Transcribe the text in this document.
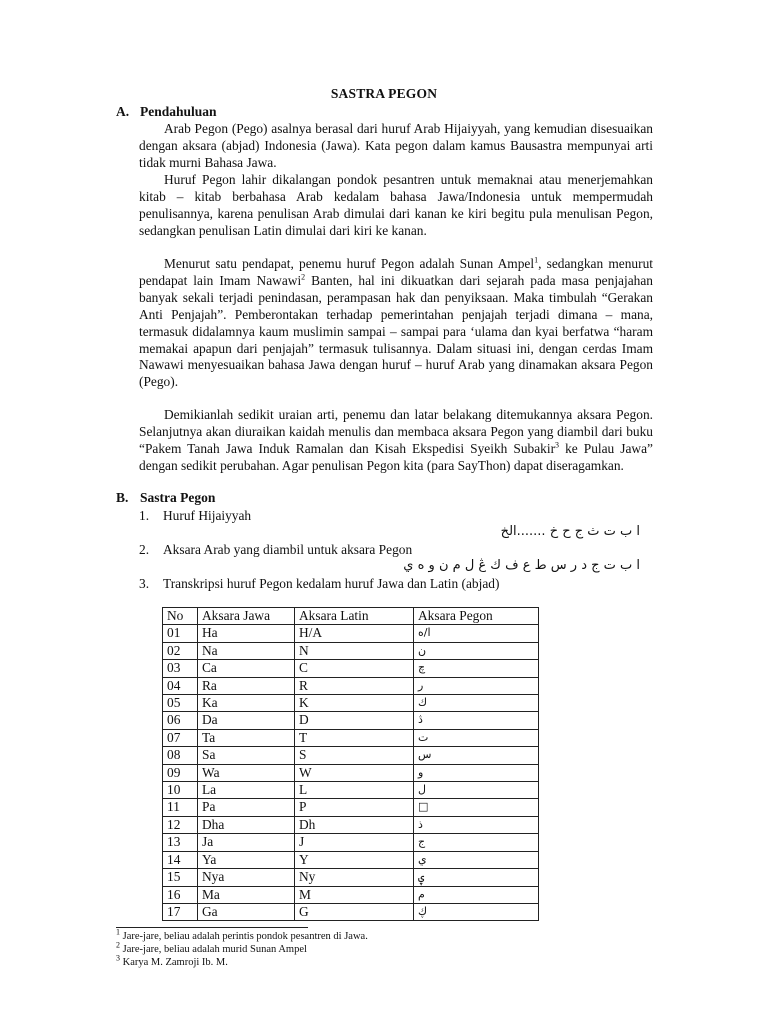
SASTRA PEGON
A. Pendahuluan

Arab Pegon (Pego) asalnya berasal dari huruf Arab Hijaiyyah, yang kemudian disesuaikan dengan aksara (abjad) Indonesia (Jawa). Kata pegon dalam kamus Bausastra mempunyai arti tidak murni Bahasa Jawa.

Huruf Pegon lahir dikalangan pondok pesantren untuk memaknai atau menerjemahkan kitab – kitab berbahasa Arab kedalam bahasa Jawa/Indonesia untuk mempermudah penulisannya, karena penulisan Arab dimulai dari kanan ke kiri begitu pula menulisan Pegon, sedangkan penulisan Latin dimulai dari kiri ke kanan.

Menurut satu pendapat, penemu huruf Pegon adalah Sunan Ampel$^1$, sedangkan menurut pendapat lain Imam Nawawi$^2$ Banten, hal ini dikuatkan dari sejarah pada masa penjajahan banyak sekali terjadi penindasan, perampasan hak dan penyiksaan. Maka timbulah “Gerakan Anti Penjajah”. Pemberontakan terhadap pemerintahan penjajah terjadi dimana – mana, termasuk didalamnya kaum muslimin sampai – sampai para ‘ulama dan kyai berfatwa “haram memakai apapun dari penjajah” termasuk tulisannya. Dalam situasi ini, dengan cerdas Imam Nawawi menyesuaikan bahasa Jawa dengan huruf – huruf Arab yang dinamakan aksara Pegon (Pego).

Demikianlah sedikit uraian arti, penemu dan latar belakang ditemukannya aksara Pegon. Selanjutnya akan diuraikan kaidah menulis dan membaca aksara Pegon yang diambil dari buku “Pakem Tanah Jawa Induk Ramalan dan Kisah Ekspedisi Syeikh Subakir$^3$ ke Pulau Jawa” dengan sedikit perubahan. Agar penulisan Pegon kita (para SayThon) dapat diseragamkan.

B. Sastra Pegon
1. Huruf Hijaiyyah
ا ب ت ث ج ح خ .......الخ
2. Aksara Arab yang diambil untuk aksara Pegon
ا ب ت ج د ر س ط ع ف ك ڠ ل م ن و ه ي
3. Transkripsi huruf Pegon kedalam huruf Jawa dan Latin (abjad)
No	Aksara Jawa	Aksara Latin	Aksara Pegon
01	Ha	H/A	ا/ه
02	Na	N	ن
03	Ca	C	چ
04	Ra	R	ر
05	Ka	K	ك
06	Da	D	ڎ
07	Ta	T	ت
08	Sa	S	س
09	Wa	W	و
10	La	L	ل
11	Pa	P	□
12	Dha	Dh	ذ
13	Ja	J	ج
14	Ya	Y	ي
15	Nya	Ny	ۑ
16	Ma	M	م
17	Ga	G	ڮ
$^1$ Jare-jare, beliau adalah perintis pondok pesantren di Jawa.
$^2$ Jare-jare, beliau adalah murid Sunan Ampel
$^3$ Karya M. Zamroji Ib. M.
